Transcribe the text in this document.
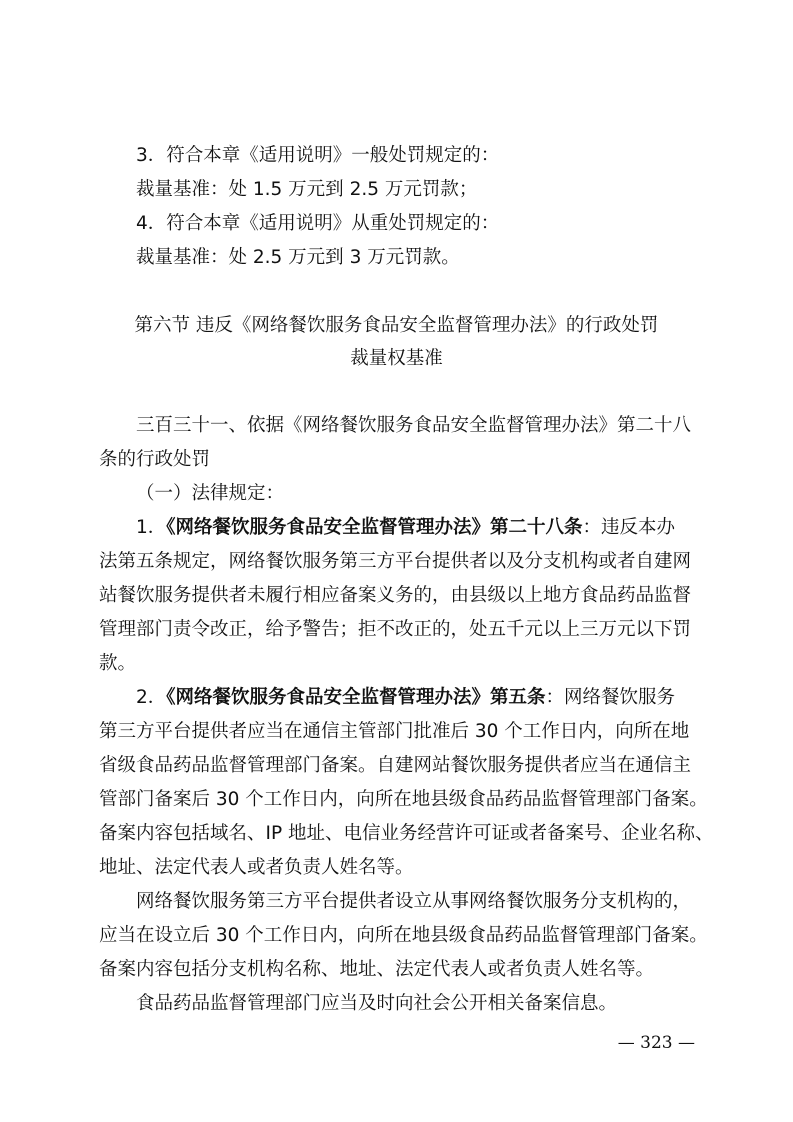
3．符合本章《适用说明》一般处罚规定的：
裁量基准：处 1.5 万元到 2.5 万元罚款；
4．符合本章《适用说明》从重处罚规定的：
裁量基准：处 2.5 万元到 3 万元罚款。
第六节 违反《网络餐饮服务食品安全监督管理办法》的行政处罚
裁量权基准
三百三十一、依据《网络餐饮服务食品安全监督管理办法》第二十八
条的行政处罚
（一）法律规定：
1．《网络餐饮服务食品安全监督管理办法》第二十八条：违反本办
法第五条规定，网络餐饮服务第三方平台提供者以及分支机构或者自建网
站餐饮服务提供者未履行相应备案义务的，由县级以上地方食品药品监督
管理部门责令改正，给予警告；拒不改正的，处五千元以上三万元以下罚
款。
2．《网络餐饮服务食品安全监督管理办法》第五条：网络餐饮服务
第三方平台提供者应当在通信主管部门批准后 30 个工作日内，向所在地
省级食品药品监督管理部门备案。自建网站餐饮服务提供者应当在通信主
管部门备案后 30 个工作日内，向所在地县级食品药品监督管理部门备案。
备案内容包括域名、IP 地址、电信业务经营许可证或者备案号、企业名称、
地址、法定代表人或者负责人姓名等。
网络餐饮服务第三方平台提供者设立从事网络餐饮服务分支机构的，
应当在设立后 30 个工作日内，向所在地县级食品药品监督管理部门备案。
备案内容包括分支机构名称、地址、法定代表人或者负责人姓名等。
食品药品监督管理部门应当及时向社会公开相关备案信息。
— 323 —
